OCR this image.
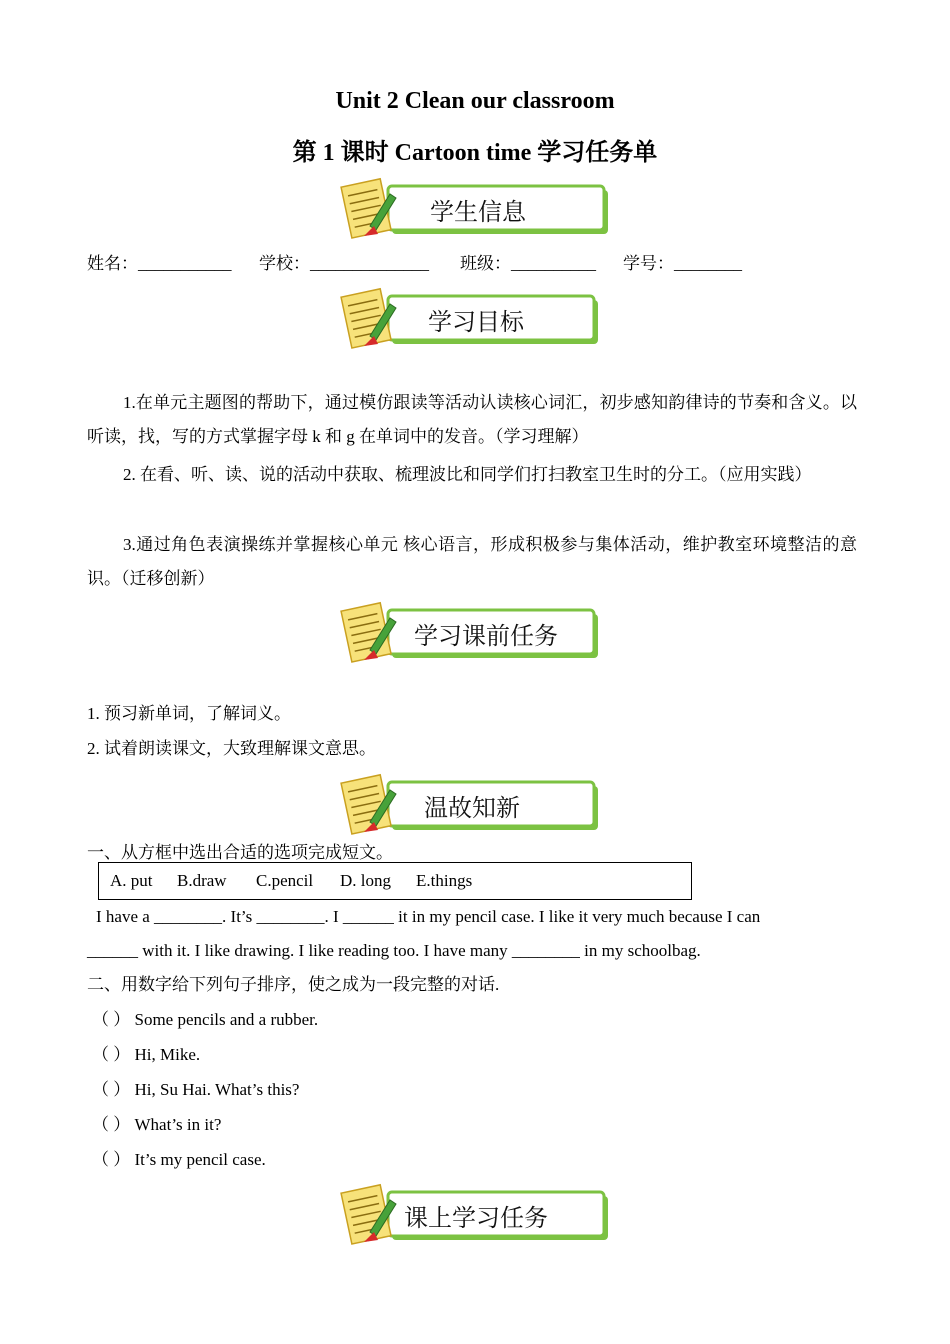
Unit 2 Clean our classroom
第 1 课时 Cartoon time 学习任务单
学生信息
姓名：___________ 学校：______________ 班级：__________ 学号：________
学习目标
1.在单元主题图的帮助下，通过模仿跟读等活动认读核心词汇，初步感知韵律诗的节奏和含义。以听读，找，写的方式掌握字母 k 和 g 在单词中的发音。（学习理解）
2. 在看、听、读、说的活动中获取、梳理波比和同学们打扫教室卫生时的分工。（应用实践）
3.通过角色表演操练并掌握核心单元 核心语言，形成积极参与集体活动，维护教室环境整洁的意识。（迁移创新）
学习课前任务
1. 预习新单词，了解词义。
2. 试着朗读课文，大致理解课文意思。
温故知新
一、从方框中选出合适的选项完成短文。
A. put B.draw C.pencil D. long E.things
I have a ________. It’s ________. I ______ it in my pencil case. I like it very much because I can
______ with it. I like drawing. I like reading too. I have many ________ in my schoolbag.
二、用数字给下列句子排序，使之成为一段完整的对话.
（ ） Some pencils and a rubber.
（ ） Hi, Mike.
（ ） Hi, Su Hai. What’s this?
（ ） What’s in it?
（ ） It’s my pencil case.
课上学习任务
